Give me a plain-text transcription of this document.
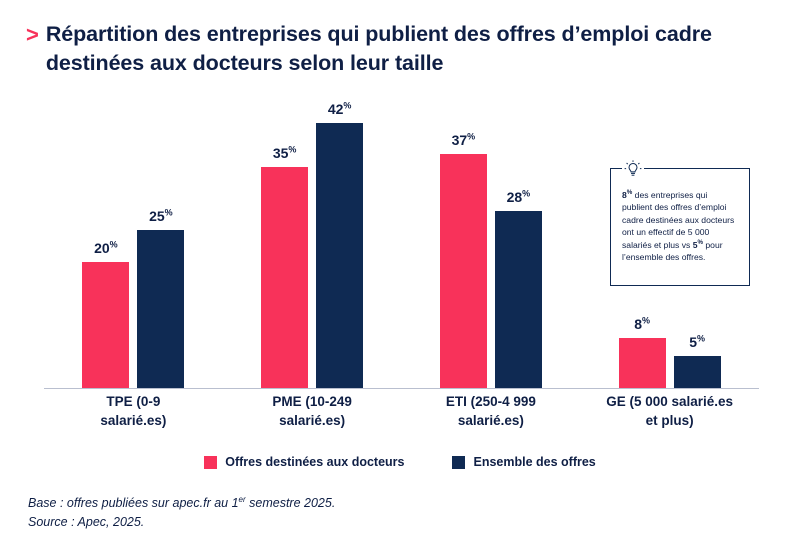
> Répartition des entreprises qui publient des offres d’emploi cadre destinées aux docteurs selon leur taille
20%
25%
35%
42%
37%
28%
8%
5%
TPE (0-9
salarié.es)
PME (10-249
salarié.es)
ETI (250-4 999
salarié.es)
GE (5 000 salarié.es
et plus)
8% des entreprises qui publient des offres d’emploi cadre destinées aux docteurs ont un effectif de 5 000 salariés et plus vs 5% pour l’ensemble des offres.
Offres destinées aux docteurs	Ensemble des offres
Base : offres publiées sur apec.fr au 1er semestre 2025.
Source : Apec, 2025.
